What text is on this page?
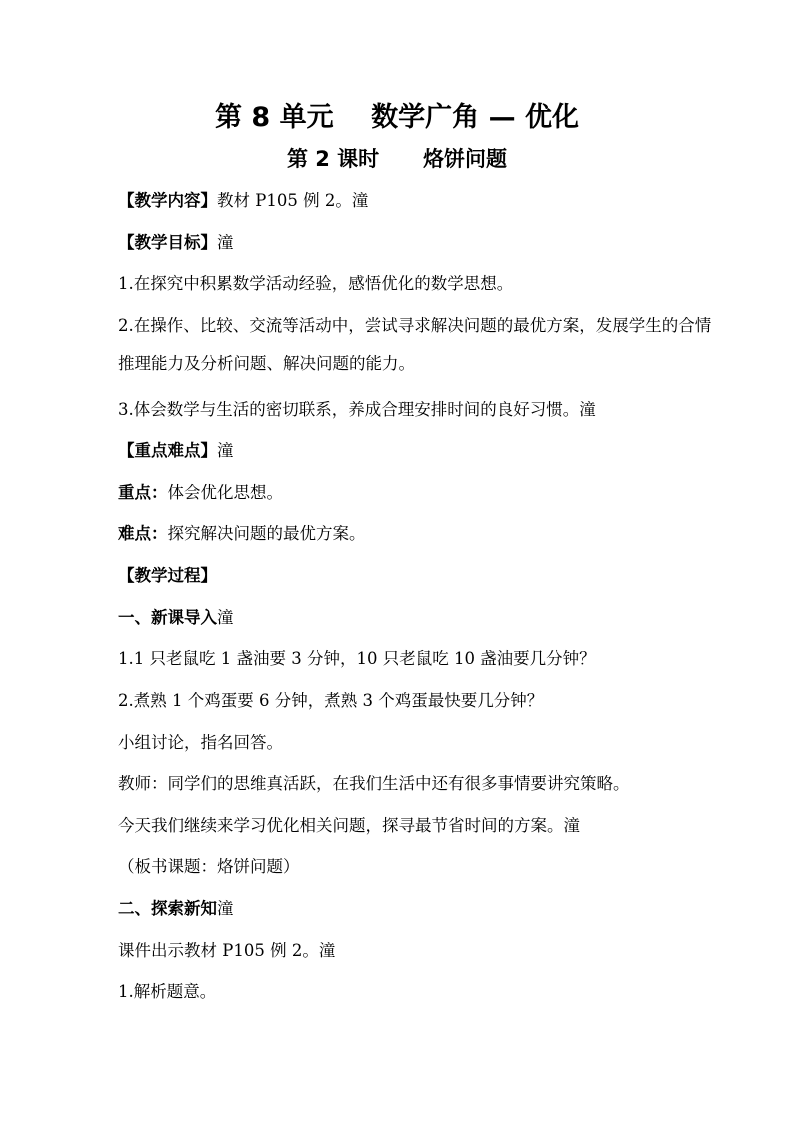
第 8 单元    数学广角 — 优化
第 2 课时      烙饼问题
【教学内容】教材 P105 例 2。潼
【教学目标】潼
1.在探究中积累数学活动经验，感悟优化的数学思想。
2.在操作、比较、交流等活动中，尝试寻求解决问题的最优方案，发展学生的合情推理能力及分析问题、解决问题的能力。
3.体会数学与生活的密切联系，养成合理安排时间的良好习惯。潼
【重点难点】潼
重点：体会优化思想。
难点：探究解决问题的最优方案。
【教学过程】
一、新课导入潼
1.1 只老鼠吃 1 盏油要 3 分钟，10 只老鼠吃 10 盏油要几分钟？
2.煮熟 1 个鸡蛋要 6 分钟，煮熟 3 个鸡蛋最快要几分钟？
小组讨论，指名回答。
教师：同学们的思维真活跃，在我们生活中还有很多事情要讲究策略。
今天我们继续来学习优化相关问题，探寻最节省时间的方案。潼
（板书课题：烙饼问题）
二、探索新知潼
课件出示教材 P105 例 2。潼
1.解析题意。
